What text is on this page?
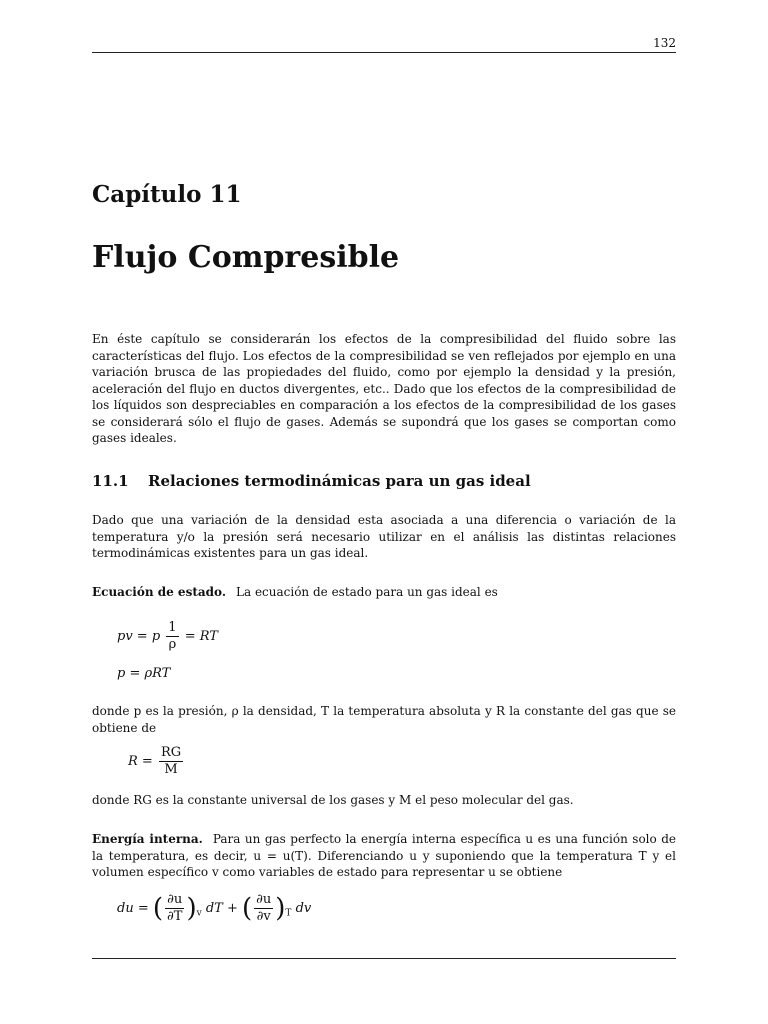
132
Capítulo 11
Flujo Compresible
En éste capítulo se considerarán los efectos de la compresibilidad del fluido sobre las características del flujo. Los efectos de la compresibilidad se ven reflejados por ejemplo en una variación brusca de las propiedades del fluido, como por ejemplo la densidad y la presión, aceleración del flujo en ductos divergentes, etc.. Dado que los efectos de la compresibilidad de los líquidos son despreciables en comparación a los efectos de la compresibilidad de los gases se considerará sólo el flujo de gases. Además se supondrá que los gases se comportan como gases ideales.
11.1 Relaciones termodinámicas para un gas ideal
Dado que una variación de la densidad esta asociada a una diferencia o variación de la temperatura y/o la presión será necesario utilizar en el análisis las distintas relaciones termodinámicas existentes para un gas ideal.
Ecuación de estado. La ecuación de estado para un gas ideal es
pv = p $\frac{1}{\rho}$ = RT
p = ρRT
donde p es la presión, ρ la densidad, T la temperatura absoluta y R la constante del gas que se obtiene de
$R = \frac{RG}{M}$
donde RG es la constante universal de los gases y M el peso molecular del gas.
Energía interna. Para un gas perfecto la energía interna específica u es una función solo de la temperatura, es decir, u = u(T). Diferenciando u y suponiendo que la temperatura T y el volumen específico v como variables de estado para representar u se obtiene
du = ( $\frac{\partial u}{\partial T} )_v$ dT + ( $\frac{\partial u}{\partial v} )_T$ dv
